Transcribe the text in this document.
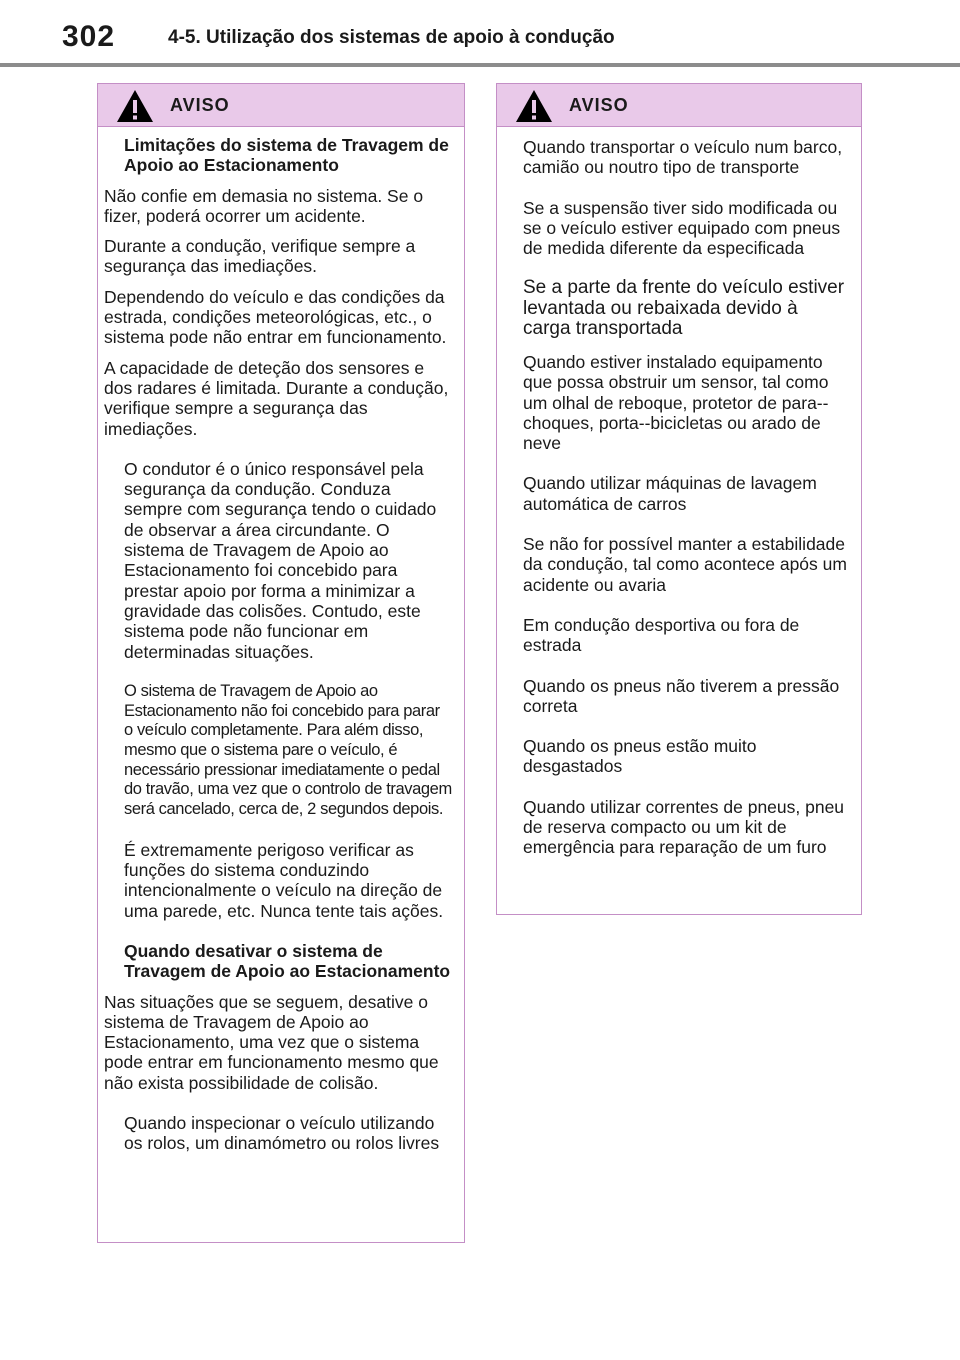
302	4-5. Utilização dos sistemas de apoio à condução
AVISO

Limitações do sistema de Travagem de Apoio ao Estacionamento

Não confie em demasia no sistema. Se o fizer, poderá ocorrer um acidente.

Durante a condução, verifique sempre a segurança das imediações.

Dependendo do veículo e das condições da estrada, condições meteorológicas, etc., o sistema pode não entrar em funcionamento.

A capacidade de deteção dos sensores e dos radares é limitada. Durante a condução, verifique sempre a segurança das imediações.

O condutor é o único responsável pela segurança da condução. Conduza sempre com segurança tendo o cuidado de observar a área circundante. O sistema de Travagem de Apoio ao Estacionamento foi concebido para prestar apoio por forma a minimizar a gravidade das colisões. Contudo, este sistema pode não funcionar em determinadas situações.

O sistema de Travagem de Apoio ao Estacionamento não foi concebido para parar o veículo completamente. Para além disso, mesmo que o sistema pare o veículo, é necessário pressionar imediatamente o pedal do travão, uma vez que o controlo de travagem será cancelado, cerca de, 2 segundos depois.

É extremamente perigoso verificar as funções do sistema conduzindo intencionalmente o veículo na direção de uma parede, etc. Nunca tente tais ações.

Quando desativar o sistema de Travagem de Apoio ao Estacionamento

Nas situações que se seguem, desative o sistema de Travagem de Apoio ao Estacionamento, uma vez que o sistema pode entrar em funcionamento mesmo que não exista possibilidade de colisão.

Quando inspecionar o veículo utilizando os rolos, um dinamómetro ou rolos livres

AVISO

Quando transportar o veículo num barco, camião ou noutro tipo de transporte

Se a suspensão tiver sido modificada ou se o veículo estiver equipado com pneus de medida diferente da especificada

Se a parte da frente do veículo estiver levantada ou rebaixada devido à carga transportada

Quando estiver instalado equipamento que possa obstruir um sensor, tal como um olhal de reboque, protetor de para--choques, porta--bicicletas ou arado de neve

Quando utilizar máquinas de lavagem automática de carros

Se não for possível manter a estabilidade da condução, tal como acontece após um acidente ou avaria

Em condução desportiva ou fora de estrada

Quando os pneus não tiverem a pressão correta

Quando os pneus estão muito desgastados

Quando utilizar correntes de pneus, pneu de reserva compacto ou um kit de emergência para reparação de um furo
